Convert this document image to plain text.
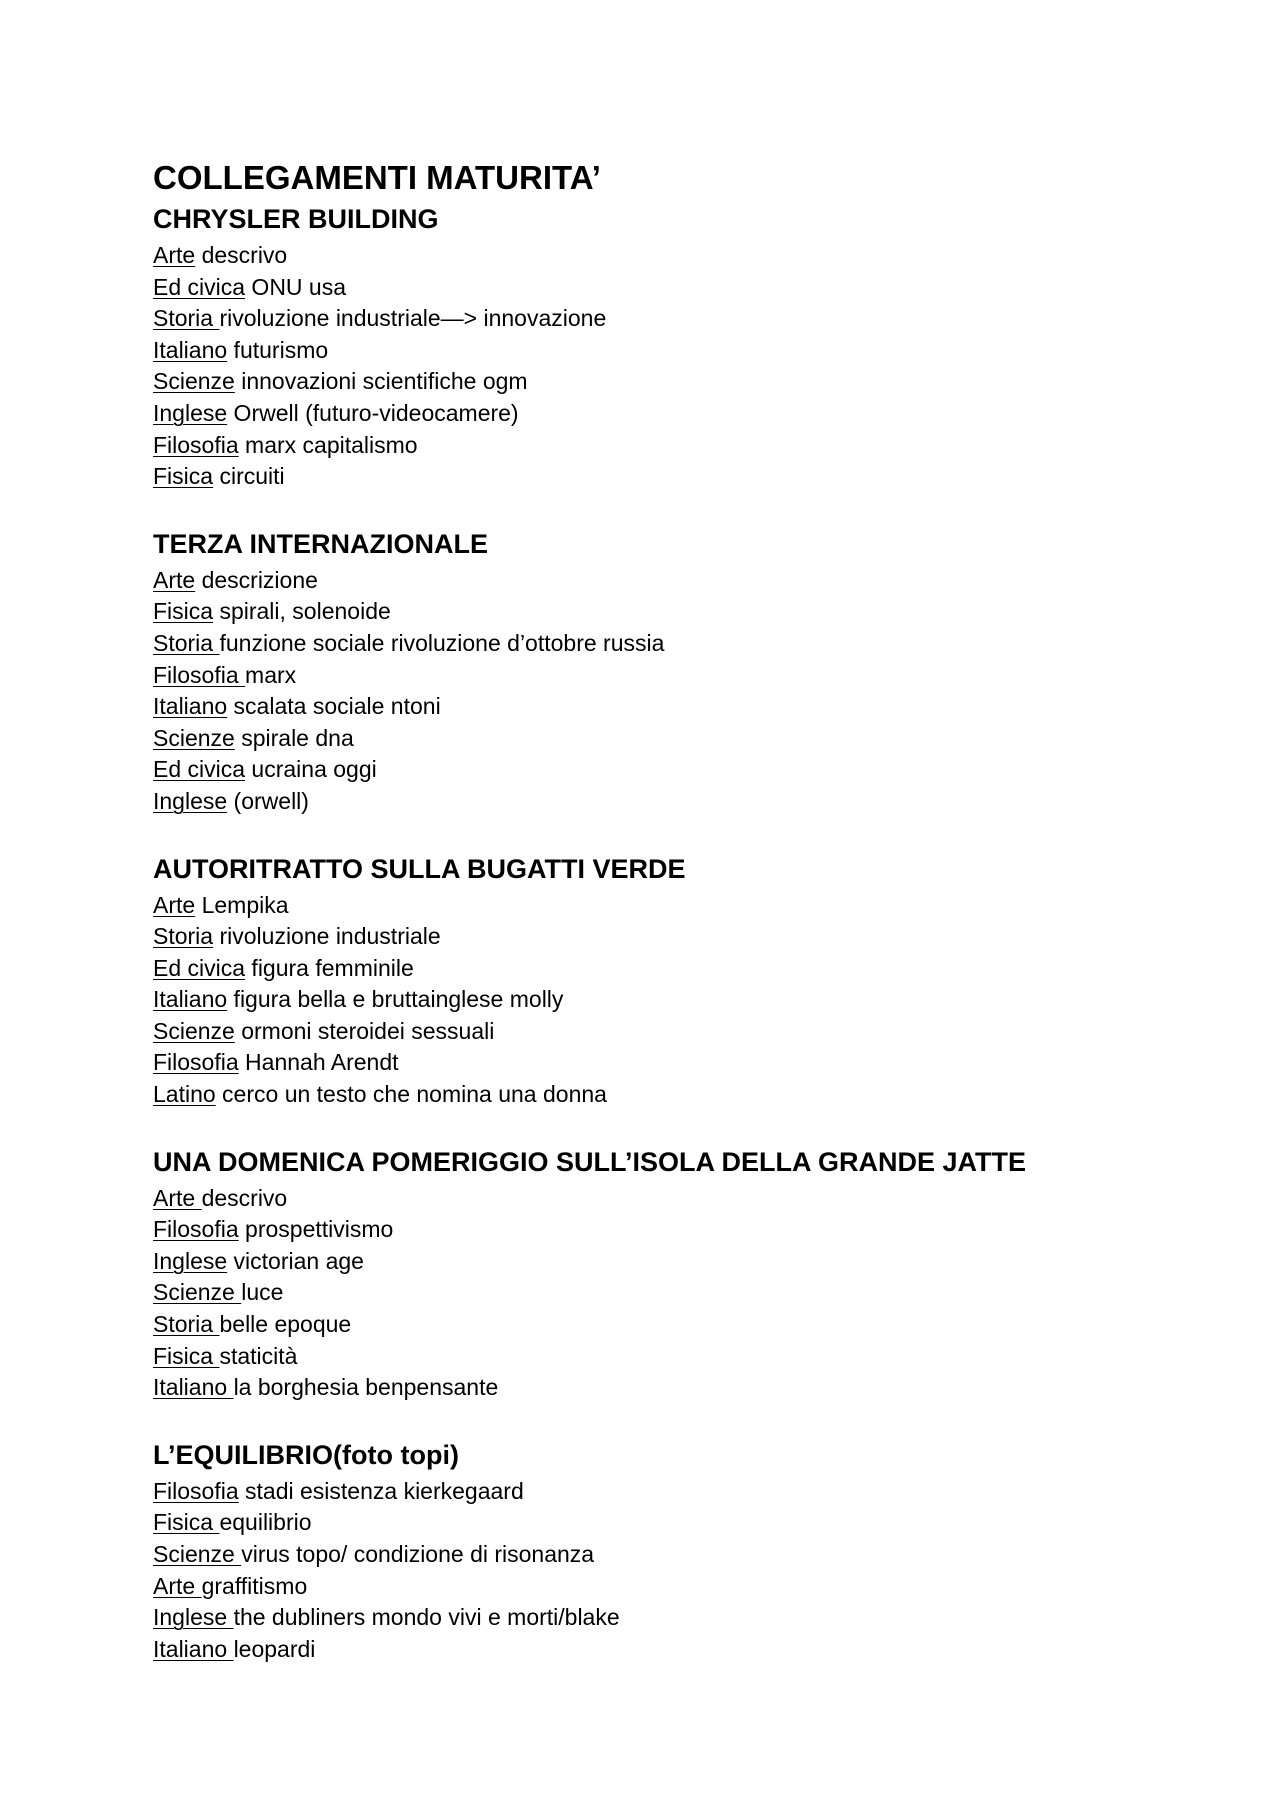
COLLEGAMENTI MATURITA’
CHRYSLER BUILDING
Arte descrivo
Ed civica ONU usa
Storia rivoluzione industriale—> innovazione
Italiano futurismo
Scienze innovazioni scientifiche ogm
Inglese Orwell (futuro-videocamere)
Filosofia marx capitalismo
Fisica circuiti
TERZA INTERNAZIONALE
Arte descrizione
Fisica spirali, solenoide
Storia funzione sociale rivoluzione d’ottobre russia
Filosofia marx
Italiano scalata sociale ntoni
Scienze spirale dna
Ed civica ucraina oggi
Inglese (orwell)
AUTORITRATTO SULLA BUGATTI VERDE
Arte Lempika
Storia rivoluzione industriale
Ed civica figura femminile
Italiano figura bella e bruttainglese molly
Scienze ormoni steroidei sessuali
Filosofia Hannah Arendt
Latino cerco un testo che nomina una donna
UNA DOMENICA POMERIGGIO SULL’ISOLA DELLA GRANDE JATTE
Arte descrivo
Filosofia prospettivismo
Inglese victorian age
Scienze luce
Storia belle epoque
Fisica staticità
Italiano la borghesia benpensante
L’EQUILIBRIO(foto topi)
Filosofia stadi esistenza kierkegaard
Fisica equilibrio
Scienze virus topo/ condizione di risonanza
Arte graffitismo
Inglese the dubliners mondo vivi e morti/blake
Italiano leopardi
